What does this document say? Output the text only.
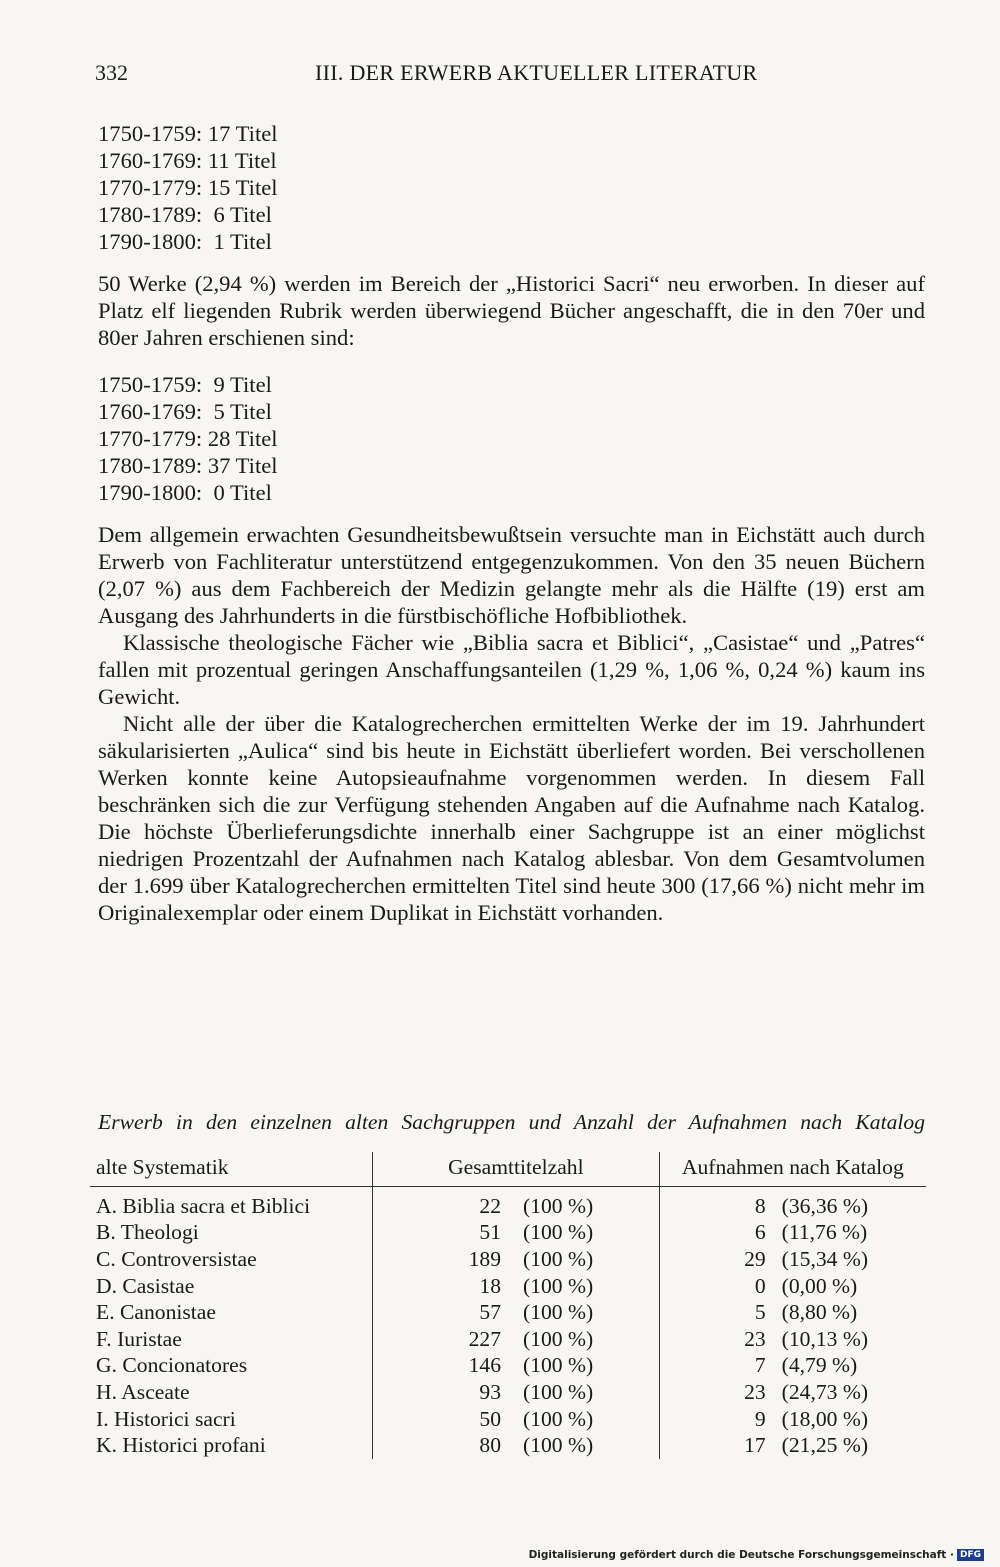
332	III. DER ERWERB AKTUELLER LITERATUR
1750-1759: 17 Titel
1760-1769: 11 Titel
1770-1779: 15 Titel
1780-1789:  6 Titel
1790-1800:  1 Titel
50 Werke (2,94 %) werden im Bereich der „Historici Sacri“ neu erworben. In dieser auf Platz elf liegenden Rubrik werden überwiegend Bücher angeschafft, die in den 70er und 80er Jahren erschienen sind:
1750-1759:  9 Titel
1760-1769:  5 Titel
1770-1779: 28 Titel
1780-1789: 37 Titel
1790-1800:  0 Titel
Dem allgemein erwachten Gesundheitsbewußtsein versuchte man in Eichstätt auch durch Erwerb von Fachliteratur unterstützend entgegenzukommen. Von den 35 neuen Büchern (2,07 %) aus dem Fachbereich der Medizin gelangte mehr als die Hälfte (19) erst am Ausgang des Jahrhunderts in die fürstbischöfliche Hofbibliothek.
Klassische theologische Fächer wie „Biblia sacra et Biblici“, „Casistae“ und „Patres“ fallen mit prozentual geringen Anschaffungsanteilen (1,29 %, 1,06 %, 0,24 %) kaum ins Gewicht.
Nicht alle der über die Katalogrecherchen ermittelten Werke der im 19. Jahrhundert säkularisierten „Aulica“ sind bis heute in Eichstätt überliefert worden. Bei verschollenen Werken konnte keine Autopsieaufnahme vorgenommen werden. In diesem Fall beschränken sich die zur Verfügung stehenden Angaben auf die Aufnahme nach Katalog. Die höchste Überlieferungsdichte innerhalb einer Sachgruppe ist an einer möglichst niedrigen Prozentzahl der Aufnahmen nach Katalog ablesbar. Von dem Gesamtvolumen der 1.699 über Katalogrecherchen ermittelten Titel sind heute 300 (17,66 %) nicht mehr im Originalexemplar oder einem Duplikat in Eichstätt vorhanden.
Erwerb in den einzelnen alten Sachgruppen und Anzahl der Aufnahmen nach Katalog
alte Systematik	Gesamttitelzahl	Aufnahmen nach Katalog
A. Biblia sacra et Biblici	22 (100 %)	8 (36,36 %)
B. Theologi	51 (100 %)	6 (11,76 %)
C. Controversistae	189 (100 %)	29 (15,34 %)
D. Casistae	18 (100 %)	0 (0,00 %)
E. Canonistae	57 (100 %)	5 (8,80 %)
F. Iuristae	227 (100 %)	23 (10,13 %)
G. Concionatores	146 (100 %)	7 (4,79 %)
H. Asceate	93 (100 %)	23 (24,73 %)
I. Historici sacri	50 (100 %)	9 (18,00 %)
K. Historici profani	80 (100 %)	17 (21,25 %)
Digitalisierung gefördert durch die Deutsche Forschungsgemeinschaft · DFG
